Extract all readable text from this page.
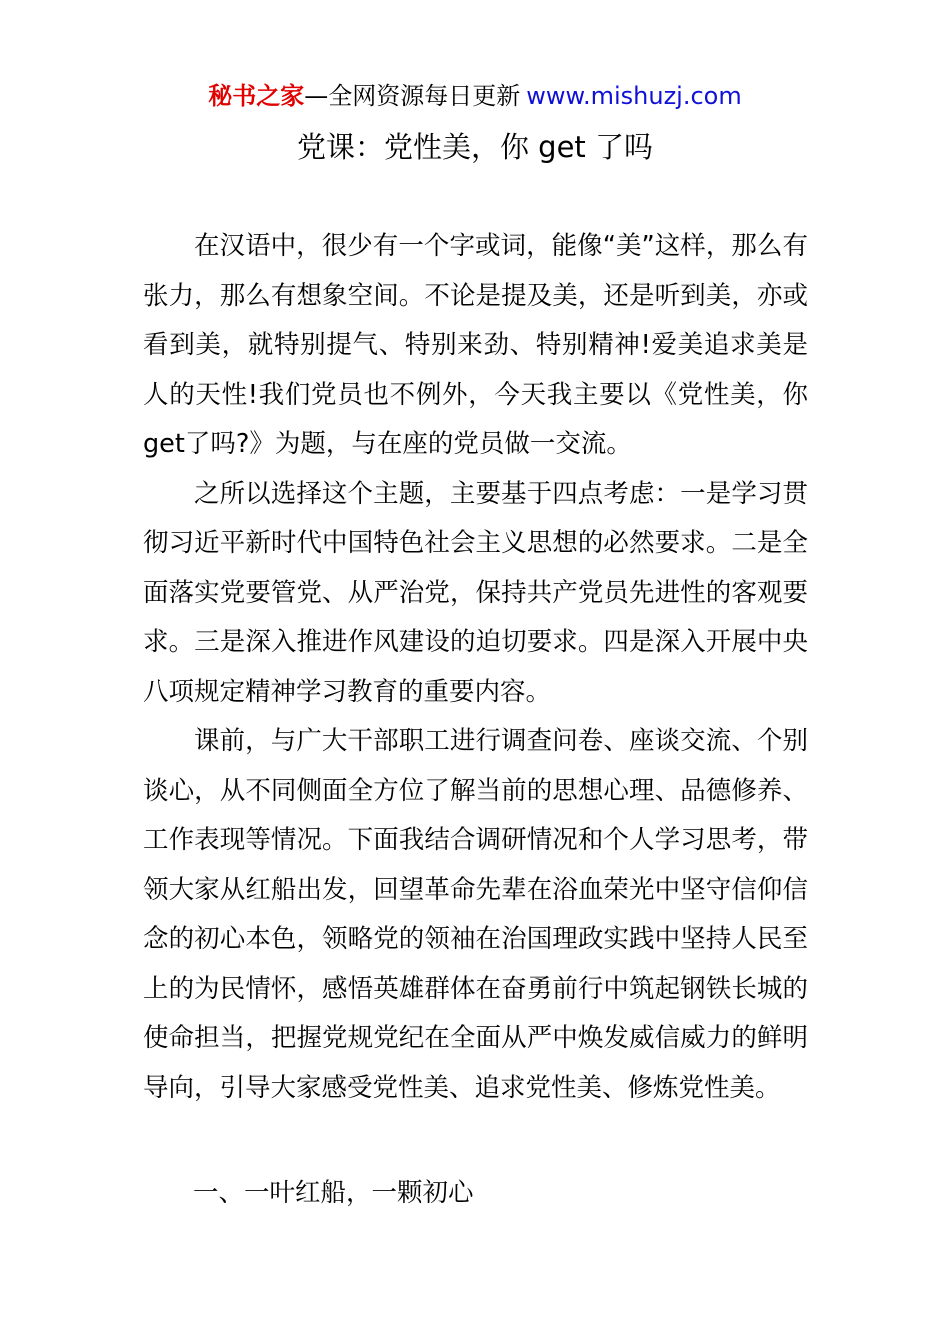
秘书之家—全网资源每日更新 www.mishuzj.com
党课：党性美，你 get 了吗

在汉语中，很少有一个字或词，能像“美”这样，那么有张力，那么有想象空间。不论是提及美，还是听到美，亦或看到美，就特别提气、特别来劲、特别精神!爱美追求美是人的天性!我们党员也不例外，今天我主要以《党性美，你get了吗?》为题，与在座的党员做一交流。

之所以选择这个主题，主要基于四点考虑：一是学习贯彻习近平新时代中国特色社会主义思想的必然要求。二是全面落实党要管党、从严治党，保持共产党员先进性的客观要求。三是深入推进作风建设的迫切要求。四是深入开展中央八项规定精神学习教育的重要内容。

课前，与广大干部职工进行调查问卷、座谈交流、个别谈心，从不同侧面全方位了解当前的思想心理、品德修养、工作表现等情况。下面我结合调研情况和个人学习思考，带领大家从红船出发，回望革命先辈在浴血荣光中坚守信仰信念的初心本色，领略党的领袖在治国理政实践中坚持人民至上的为民情怀，感悟英雄群体在奋勇前行中筑起钢铁长城的使命担当，把握党规党纪在全面从严中焕发威信威力的鲜明导向，引导大家感受党性美、追求党性美、修炼党性美。

一、一叶红船，一颗初心
